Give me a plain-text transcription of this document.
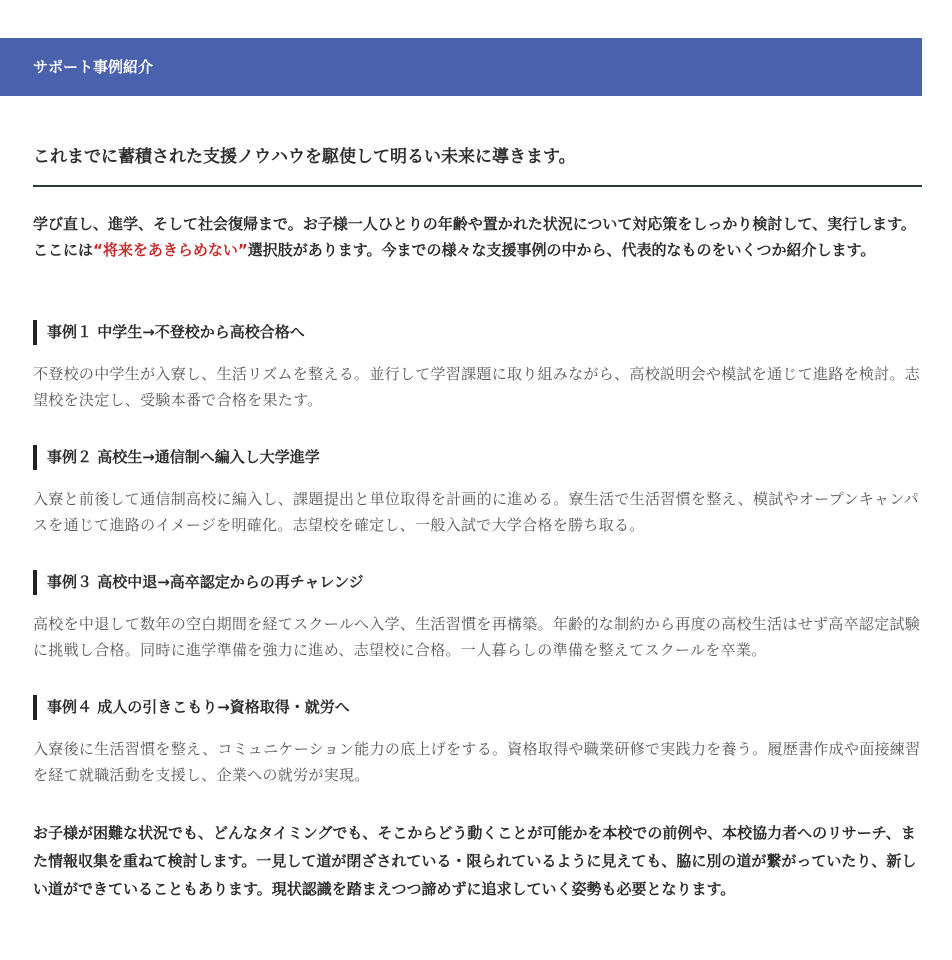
サポート事例紹介
これまでに蓄積された支援ノウハウを駆使して明るい未来に導きます。

学び直し、進学、そして社会復帰まで。お子様一人ひとりの年齢や置かれた状況について対応策をしっかり検討して、実行します。ここには“将来をあきらめない”選択肢があります。今までの様々な支援事例の中から、代表的なものをいくつか紹介します。

事例１ 中学生→不登校から高校合格へ

不登校の中学生が入寮し、生活リズムを整える。並行して学習課題に取り組みながら、高校説明会や模試を通じて進路を検討。志望校を決定し、受験本番で合格を果たす。

事例２ 高校生→通信制へ編入し大学進学

入寮と前後して通信制高校に編入し、課題提出と単位取得を計画的に進める。寮生活で生活習慣を整え、模試やオープンキャンパスを通じて進路のイメージを明確化。志望校を確定し、一般入試で大学合格を勝ち取る。

事例３ 高校中退→高卒認定からの再チャレンジ

高校を中退して数年の空白期間を経てスクールへ入学、生活習慣を再構築。年齢的な制約から再度の高校生活はせず高卒認定試験に挑戦し合格。同時に進学準備を強力に進め、志望校に合格。一人暮らしの準備を整えてスクールを卒業。

事例４ 成人の引きこもり→資格取得・就労へ

入寮後に生活習慣を整え、コミュニケーション能力の底上げをする。資格取得や職業研修で実践力を養う。履歴書作成や面接練習を経て就職活動を支援し、企業への就労が実現。

お子様が困難な状況でも、どんなタイミングでも、そこからどう動くことが可能かを本校での前例や、本校協力者へのリサーチ、また情報収集を重ねて検討します。一見して道が閉ざされている・限られているように見えても、脇に別の道が繋がっていたり、新しい道ができていることもあります。現状認識を踏まえつつ諦めずに追求していく姿勢も必要となります。
